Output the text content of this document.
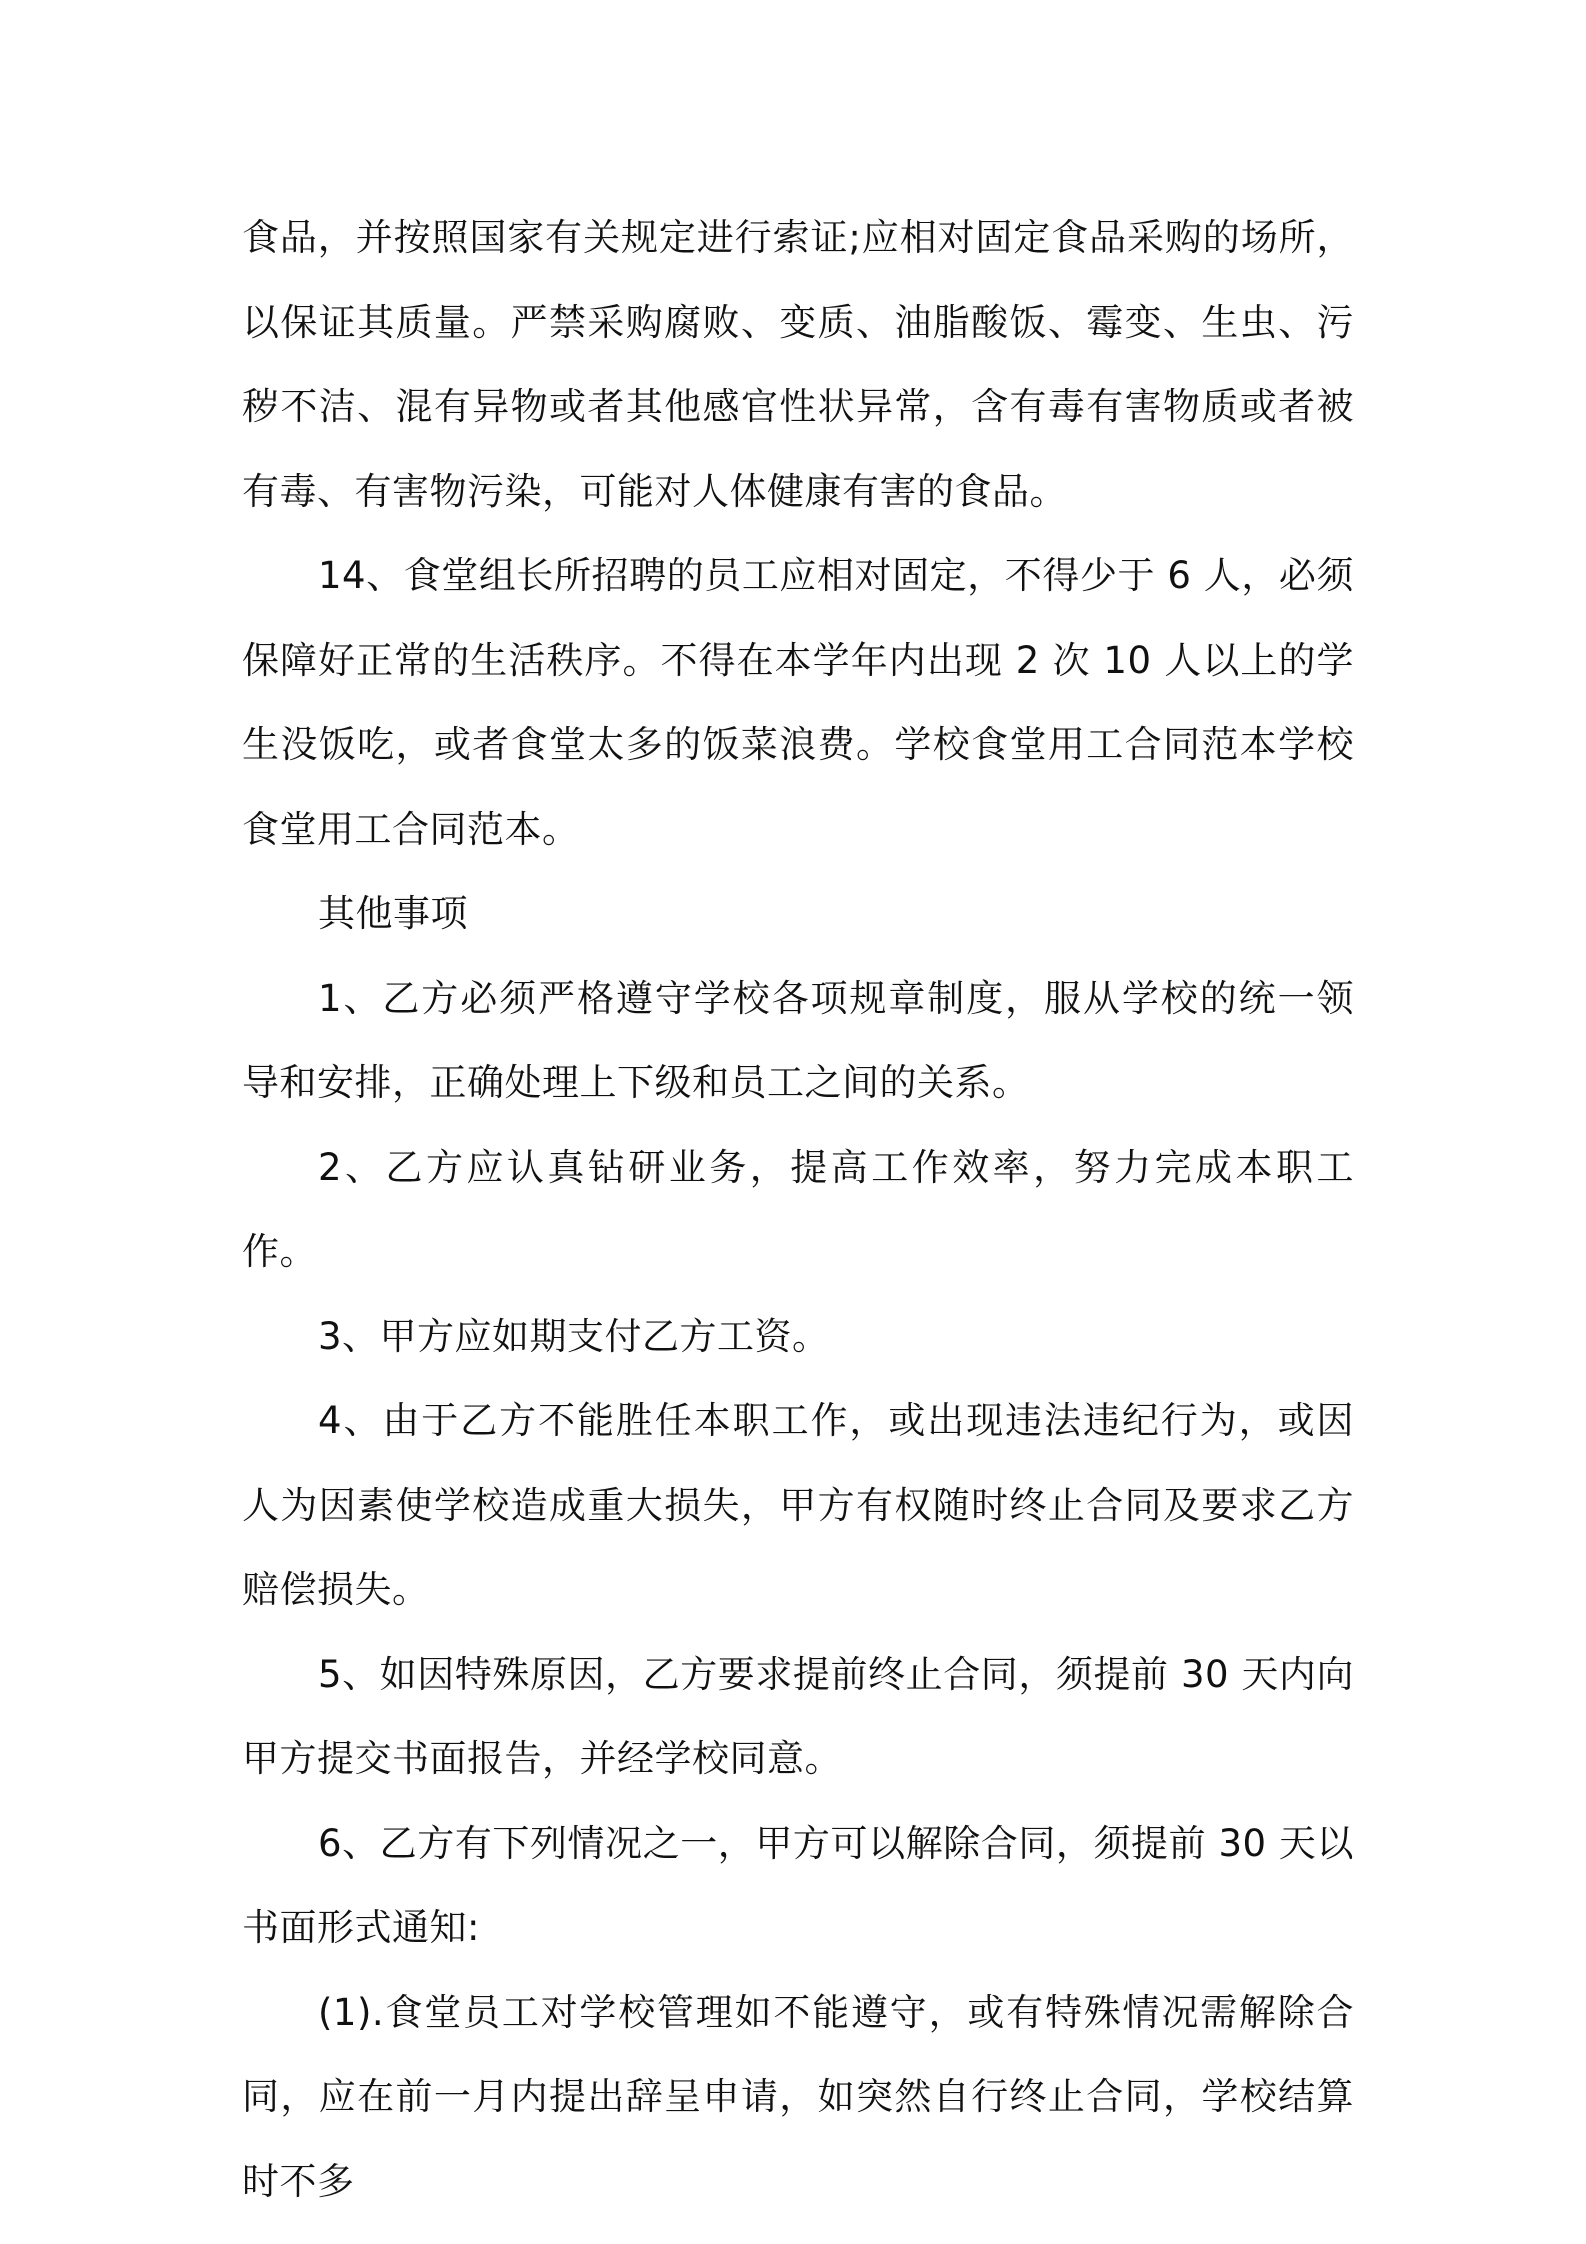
食品，并按照国家有关规定进行索证;应相对固定食品采购的场所，以保证其质量。严禁采购腐败、变质、油脂酸饭、霉变、生虫、污秽不洁、混有异物或者其他感官性状异常，含有毒有害物质或者被有毒、有害物污染，可能对人体健康有害的食品。

14、食堂组长所招聘的员工应相对固定，不得少于 6 人，必须保障好正常的生活秩序。不得在本学年内出现 2 次 10 人以上的学生没饭吃，或者食堂太多的饭菜浪费。学校食堂用工合同范本学校食堂用工合同范本。

其他事项

1、乙方必须严格遵守学校各项规章制度，服从学校的统一领导和安排，正确处理上下级和员工之间的关系。

2、乙方应认真钻研业务，提高工作效率，努力完成本职工作。

3、甲方应如期支付乙方工资。

4、由于乙方不能胜任本职工作，或出现违法违纪行为，或因人为因素使学校造成重大损失，甲方有权随时终止合同及要求乙方赔偿损失。

5、如因特殊原因，乙方要求提前终止合同，须提前 30 天内向甲方提交书面报告，并经学校同意。

6、乙方有下列情况之一，甲方可以解除合同，须提前 30 天以书面形式通知:

(1).食堂员工对学校管理如不能遵守，或有特殊情况需解除合同，应在前一月内提出辞呈申请，如突然自行终止合同，学校结算时不多
